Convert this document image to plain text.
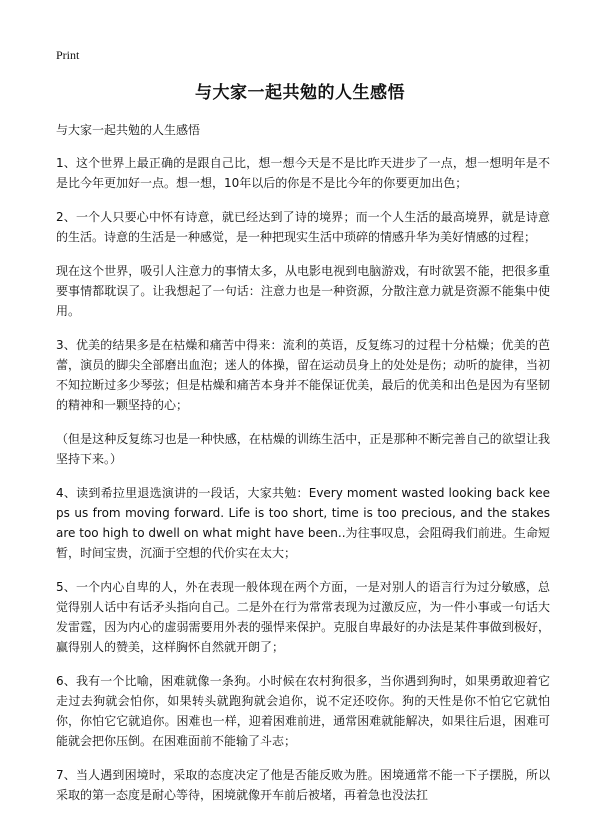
Print
与大家一起共勉的人生感悟

与大家一起共勉的人生感悟

1、这个世界上最正确的是跟自己比，想一想今天是不是比昨天进步了一点，想一想明年是不是比今年更加好一点。想一想，10年以后的你是不是比今年的你要更加出色；

2、一个人只要心中怀有诗意，就已经达到了诗的境界；而一个人生活的最高境界，就是诗意的生活。诗意的生活是一种感觉，是一种把现实生活中琐碎的情感升华为美好情感的过程；

现在这个世界，吸引人注意力的事情太多，从电影电视到电脑游戏，有时欲罢不能，把很多重要事情都耽误了。让我想起了一句话：注意力也是一种资源，分散注意力就是资源不能集中使用。

3、优美的结果多是在枯燥和痛苦中得来：流利的英语，反复练习的过程十分枯燥；优美的芭蕾，演员的脚尖全部磨出血泡；迷人的体操，留在运动员身上的处处是伤；动听的旋律，当初不知拉断过多少琴弦；但是枯燥和痛苦本身并不能保证优美，最后的优美和出色是因为有坚韧的精神和一颗坚持的心；

（但是这种反复练习也是一种快感，在枯燥的训练生活中，正是那种不断完善自己的欲望让我坚持下来。）

4、读到希拉里退选演讲的一段话，大家共勉：Every moment wasted looking back keeps us from moving forward. Life is too short, time is too precious, and the stakes are too high to dwell on what might have been..为往事叹息，会阻碍我们前进。生命短暂，时间宝贵，沉湎于空想的代价实在太大；

5、一个内心自卑的人，外在表现一般体现在两个方面，一是对别人的语言行为过分敏感，总觉得别人话中有话矛头指向自己。二是外在行为常常表现为过激反应，为一件小事或一句话大发雷霆，因为内心的虚弱需要用外表的强悍来保护。克服自卑最好的办法是某件事做到极好，赢得别人的赞美，这样胸怀自然就开朗了；

6、我有一个比喻，困难就像一条狗。小时候在农村狗很多，当你遇到狗时，如果勇敢迎着它走过去狗就会怕你，如果转头就跑狗就会追你，说不定还咬你。狗的天性是你不怕它它就怕你，你怕它它就追你。困难也一样，迎着困难前进，通常困难就能解决，如果往后退，困难可能就会把你压倒。在困难面前不能输了斗志；

7、当人遇到困境时，采取的态度决定了他是否能反败为胜。困境通常不能一下子摆脱，所以采取的第一态度是耐心等待，困境就像开车前后被堵，再着急也没法扛
